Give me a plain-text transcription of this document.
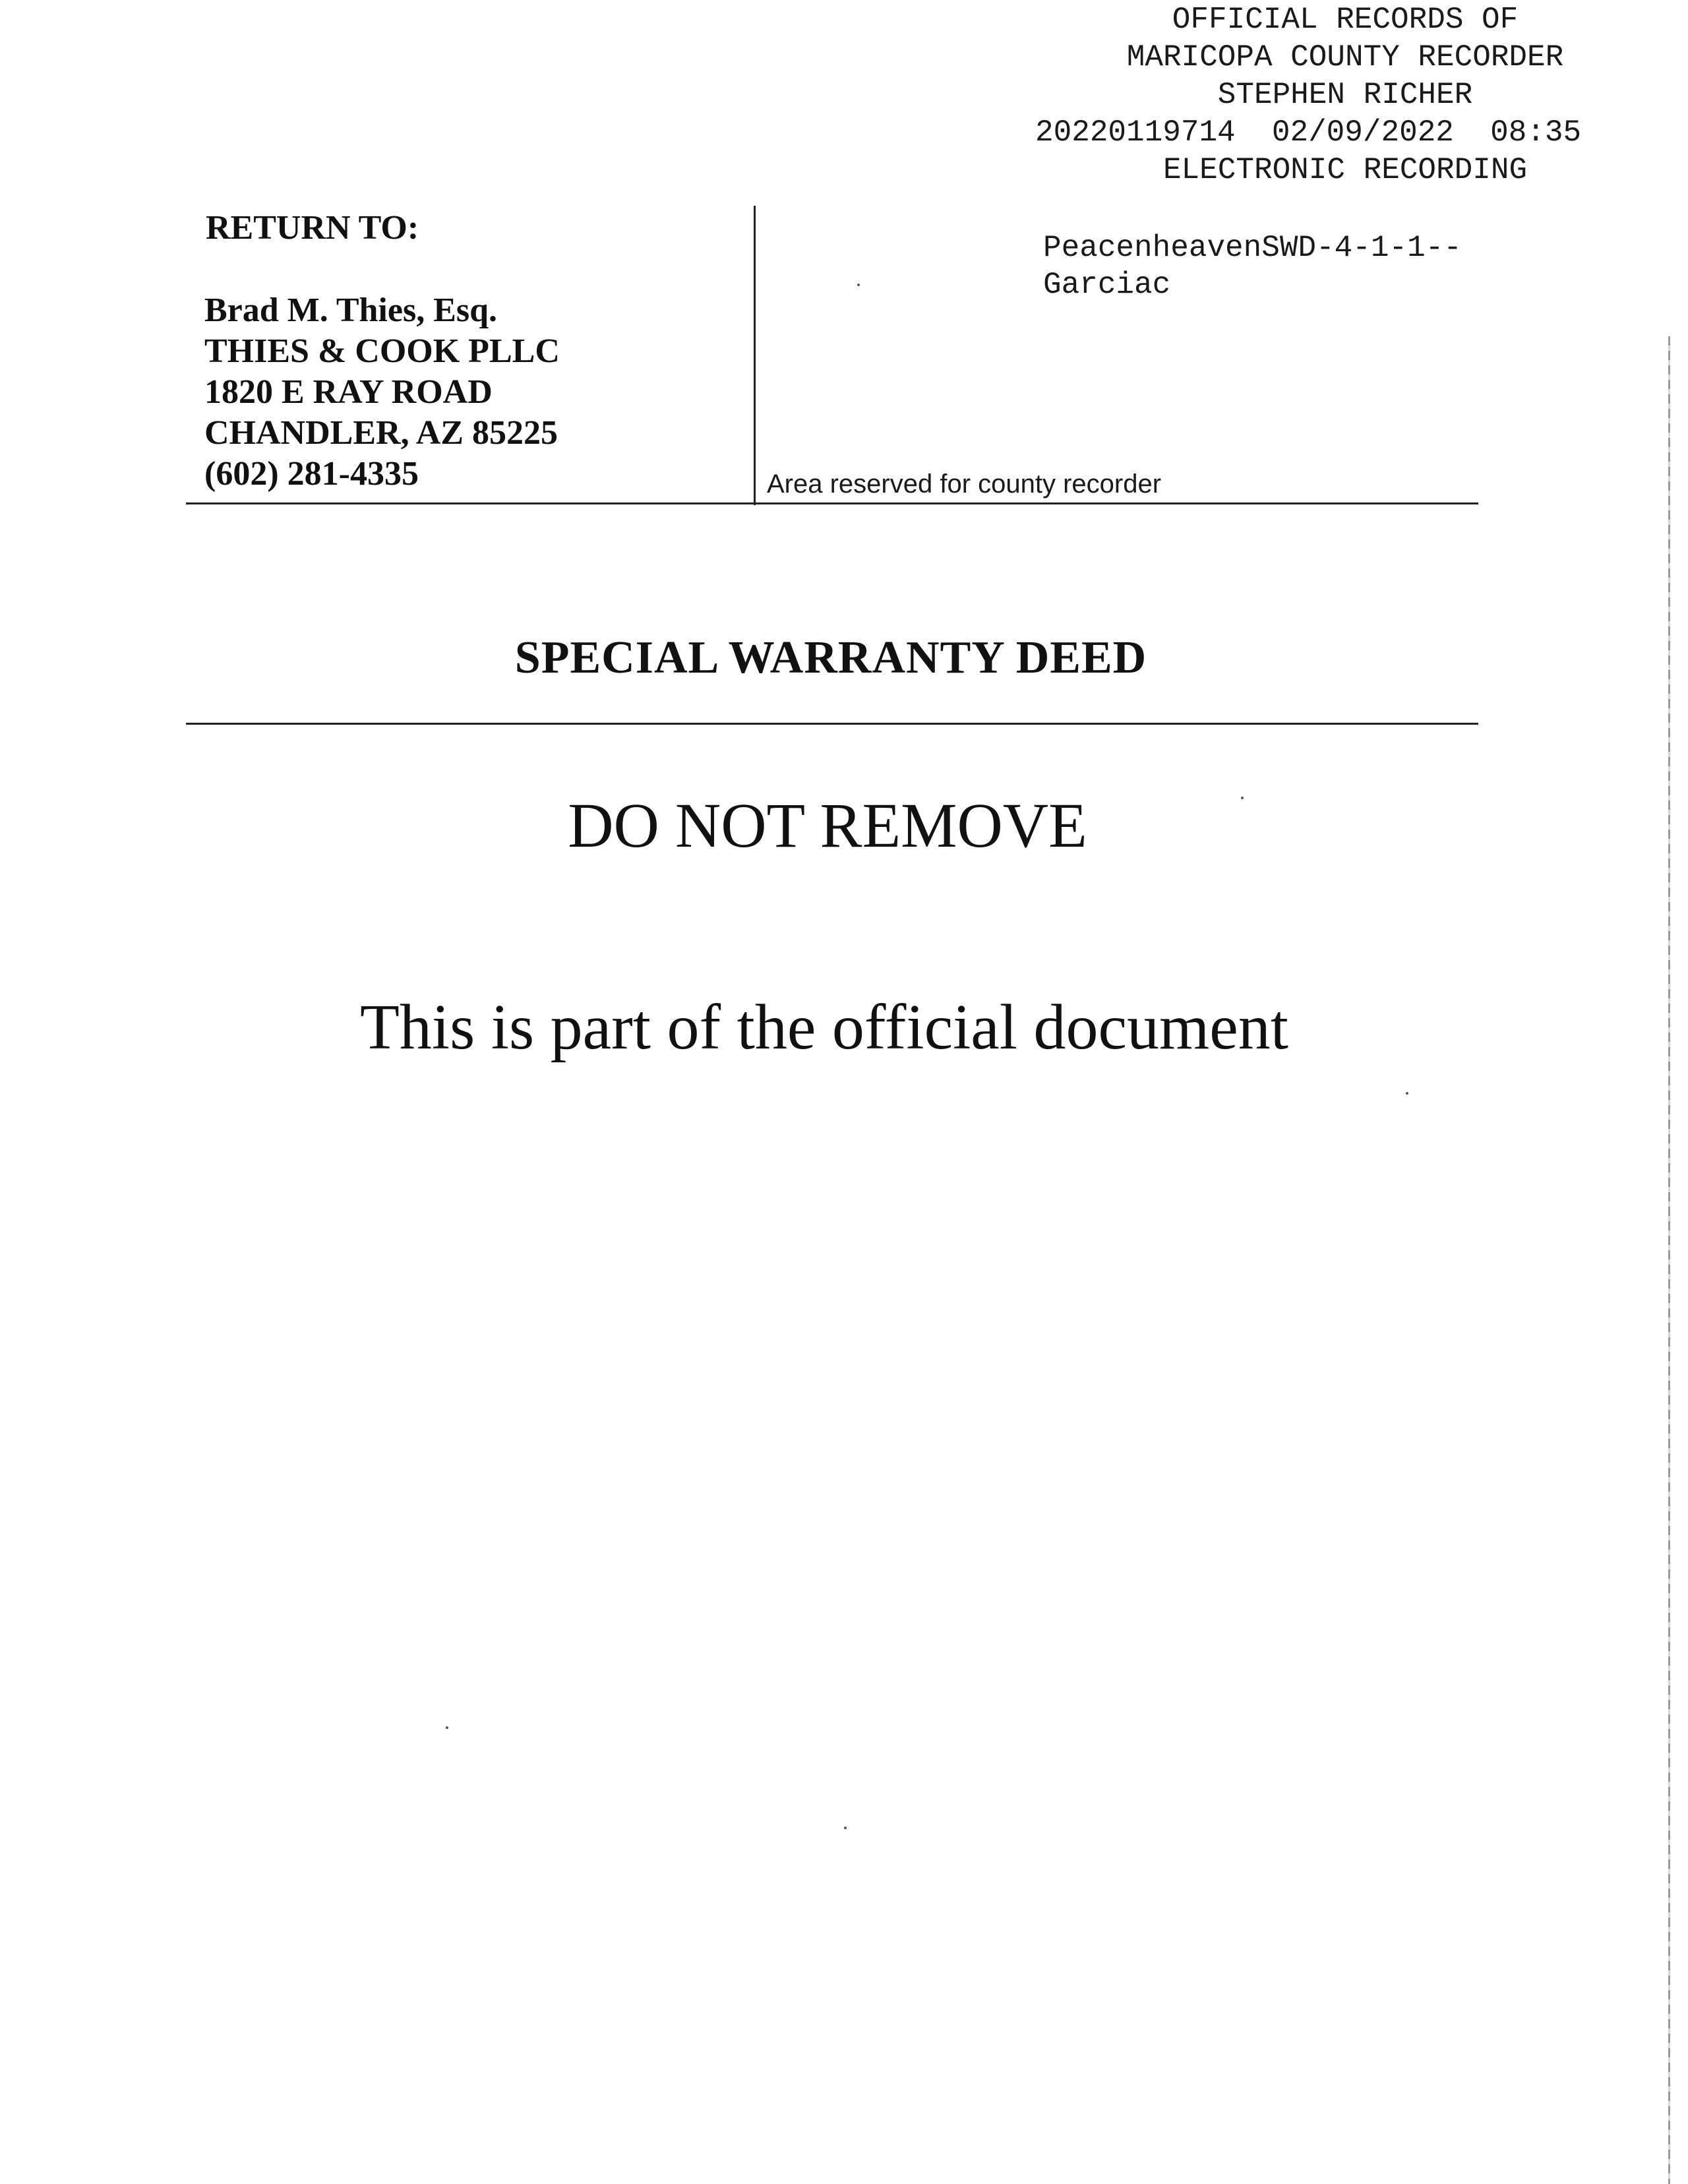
OFFICIAL RECORDS OF
MARICOPA COUNTY RECORDER
STEPHEN RICHER
20220119714  02/09/2022  08:35
ELECTRONIC RECORDING
RETURN TO:
Brad M. Thies, Esq.
THIES & COOK PLLC
1820 E RAY ROAD
CHANDLER, AZ 85225
(602) 281-4335
PeacenheavenSWD-4-1-1--
Garciac
Area reserved for county recorder
SPECIAL WARRANTY DEED
DO NOT REMOVE
This is part of the official document
